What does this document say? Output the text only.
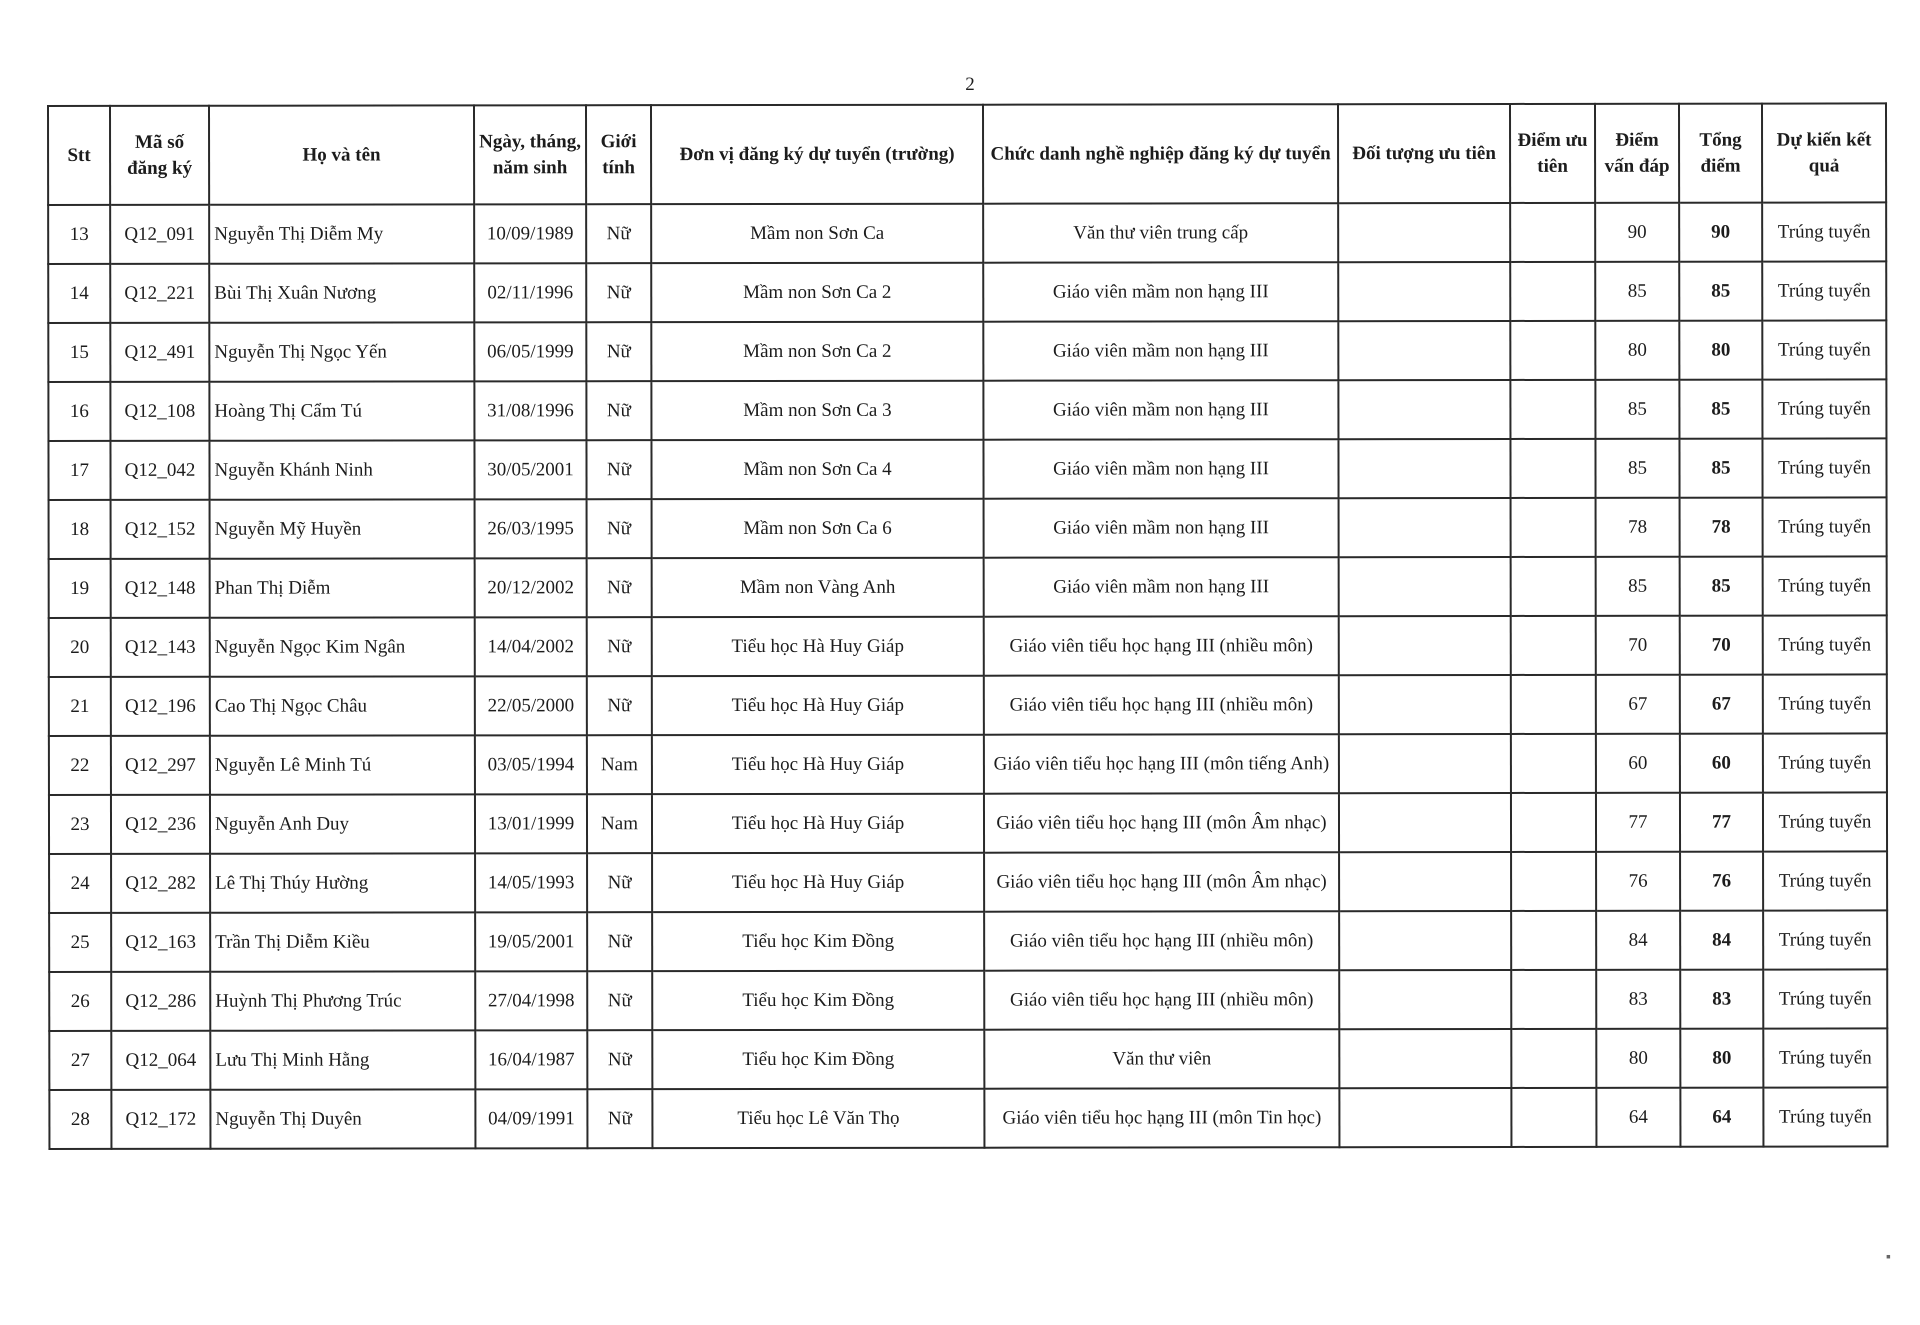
2
Stt	Mã số đăng ký	Họ và tên	Ngày, tháng, năm sinh	Giới tính	Đơn vị đăng ký dự tuyển (trường)	Chức danh nghề nghiệp đăng ký dự tuyển	Đối tượng ưu tiên	Điểm ưu tiên	Điểm vấn đáp	Tổng điểm	Dự kiến kết quả
13	Q12_091	Nguyễn Thị Diễm My	10/09/1989	Nữ	Mầm non Sơn Ca	Văn thư viên trung cấp			90	90	Trúng tuyển
14	Q12_221	Bùi Thị Xuân Nương	02/11/1996	Nữ	Mầm non Sơn Ca 2	Giáo viên mầm non hạng III			85	85	Trúng tuyển
15	Q12_491	Nguyễn Thị Ngọc Yến	06/05/1999	Nữ	Mầm non Sơn Ca 2	Giáo viên mầm non hạng III			80	80	Trúng tuyển
16	Q12_108	Hoàng Thị Cẩm Tú	31/08/1996	Nữ	Mầm non Sơn Ca 3	Giáo viên mầm non hạng III			85	85	Trúng tuyển
17	Q12_042	Nguyễn Khánh Ninh	30/05/2001	Nữ	Mầm non Sơn Ca 4	Giáo viên mầm non hạng III			85	85	Trúng tuyển
18	Q12_152	Nguyễn Mỹ Huyền	26/03/1995	Nữ	Mầm non Sơn Ca 6	Giáo viên mầm non hạng III			78	78	Trúng tuyển
19	Q12_148	Phan Thị Diễm	20/12/2002	Nữ	Mầm non Vàng Anh	Giáo viên mầm non hạng III			85	85	Trúng tuyển
20	Q12_143	Nguyễn Ngọc Kim Ngân	14/04/2002	Nữ	Tiểu học Hà Huy Giáp	Giáo viên tiểu học hạng III (nhiều môn)			70	70	Trúng tuyển
21	Q12_196	Cao Thị Ngọc Châu	22/05/2000	Nữ	Tiểu học Hà Huy Giáp	Giáo viên tiểu học hạng III (nhiều môn)			67	67	Trúng tuyển
22	Q12_297	Nguyễn Lê Minh Tú	03/05/1994	Nam	Tiểu học Hà Huy Giáp	Giáo viên tiểu học hạng III (môn tiếng Anh)			60	60	Trúng tuyển
23	Q12_236	Nguyễn Anh Duy	13/01/1999	Nam	Tiểu học Hà Huy Giáp	Giáo viên tiểu học hạng III (môn Âm nhạc)			77	77	Trúng tuyển
24	Q12_282	Lê Thị Thúy Hường	14/05/1993	Nữ	Tiểu học Hà Huy Giáp	Giáo viên tiểu học hạng III (môn Âm nhạc)			76	76	Trúng tuyển
25	Q12_163	Trần Thị Diễm Kiều	19/05/2001	Nữ	Tiểu học Kim Đồng	Giáo viên tiểu học hạng III (nhiều môn)			84	84	Trúng tuyển
26	Q12_286	Huỳnh Thị Phương Trúc	27/04/1998	Nữ	Tiểu học Kim Đồng	Giáo viên tiểu học hạng III (nhiều môn)			83	83	Trúng tuyển
27	Q12_064	Lưu Thị Minh Hằng	16/04/1987	Nữ	Tiểu học Kim Đồng	Văn thư viên			80	80	Trúng tuyển
28	Q12_172	Nguyễn Thị Duyên	04/09/1991	Nữ	Tiểu học Lê Văn Thọ	Giáo viên tiểu học hạng III (môn Tin học)			64	64	Trúng tuyển
▪
